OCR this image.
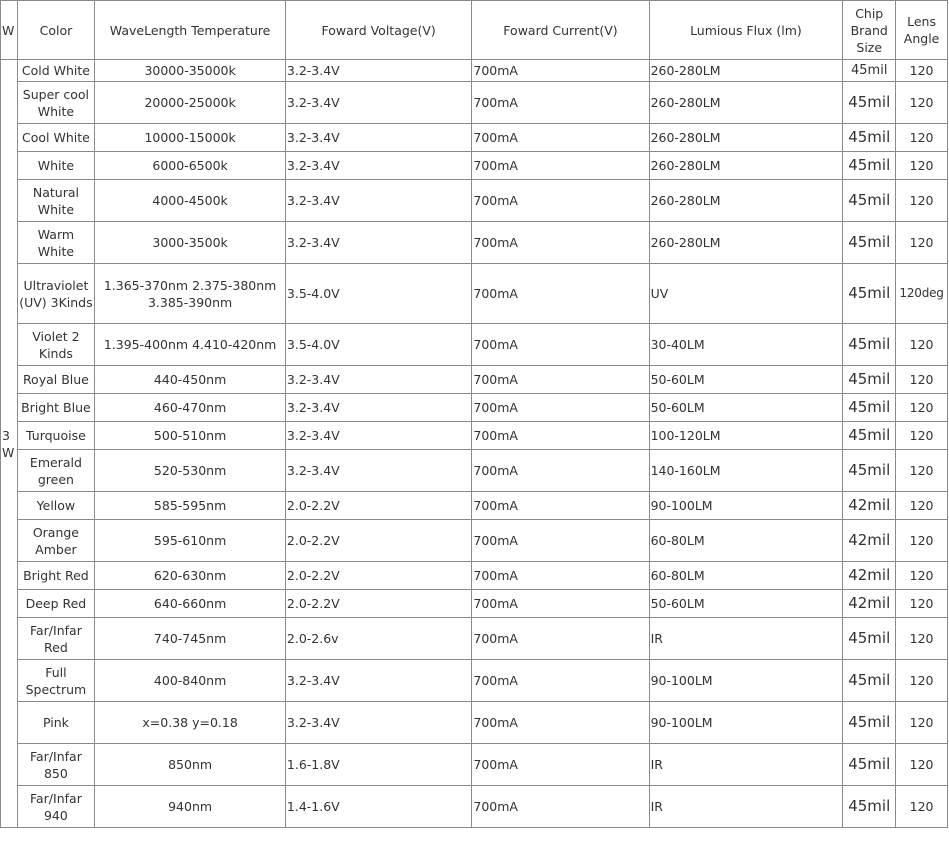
W	Color	WaveLength Temperature	Foward Voltage(V)	Foward Current(V)	Lumious Flux (lm)	Chip Brand Size	Lens Angle
3 W	Cold White	30000-35000k	3.2-3.4V	700mA	260-280LM	45mil	120
	Super cool White	20000-25000k	3.2-3.4V	700mA	260-280LM	45mil	120
	Cool White	10000-15000k	3.2-3.4V	700mA	260-280LM	45mil	120
	White	6000-6500k	3.2-3.4V	700mA	260-280LM	45mil	120
	Natural White	4000-4500k	3.2-3.4V	700mA	260-280LM	45mil	120
	Warm White	3000-3500k	3.2-3.4V	700mA	260-280LM	45mil	120
	Ultraviolet (UV) 3Kinds	1.365-370nm 2.375-380nm 3.385-390nm	3.5-4.0V	700mA	UV	45mil	120deg
	Violet 2 Kinds	1.395-400nm 4.410-420nm	3.5-4.0V	700mA	30-40LM	45mil	120
	Royal Blue	440-450nm	3.2-3.4V	700mA	50-60LM	45mil	120
	Bright Blue	460-470nm	3.2-3.4V	700mA	50-60LM	45mil	120
	Turquoise	500-510nm	3.2-3.4V	700mA	100-120LM	45mil	120
	Emerald green	520-530nm	3.2-3.4V	700mA	140-160LM	45mil	120
	Yellow	585-595nm	2.0-2.2V	700mA	90-100LM	42mil	120
	Orange Amber	595-610nm	2.0-2.2V	700mA	60-80LM	42mil	120
	Bright Red	620-630nm	2.0-2.2V	700mA	60-80LM	42mil	120
	Deep Red	640-660nm	2.0-2.2V	700mA	50-60LM	42mil	120
	Far/Infar Red	740-745nm	2.0-2.6v	700mA	IR	45mil	120
	Full Spectrum	400-840nm	3.2-3.4V	700mA	90-100LM	45mil	120
	Pink	x=0.38 y=0.18	3.2-3.4V	700mA	90-100LM	45mil	120
	Far/Infar 850	850nm	1.6-1.8V	700mA	IR	45mil	120
	Far/Infar 940	940nm	1.4-1.6V	700mA	IR	45mil	120
